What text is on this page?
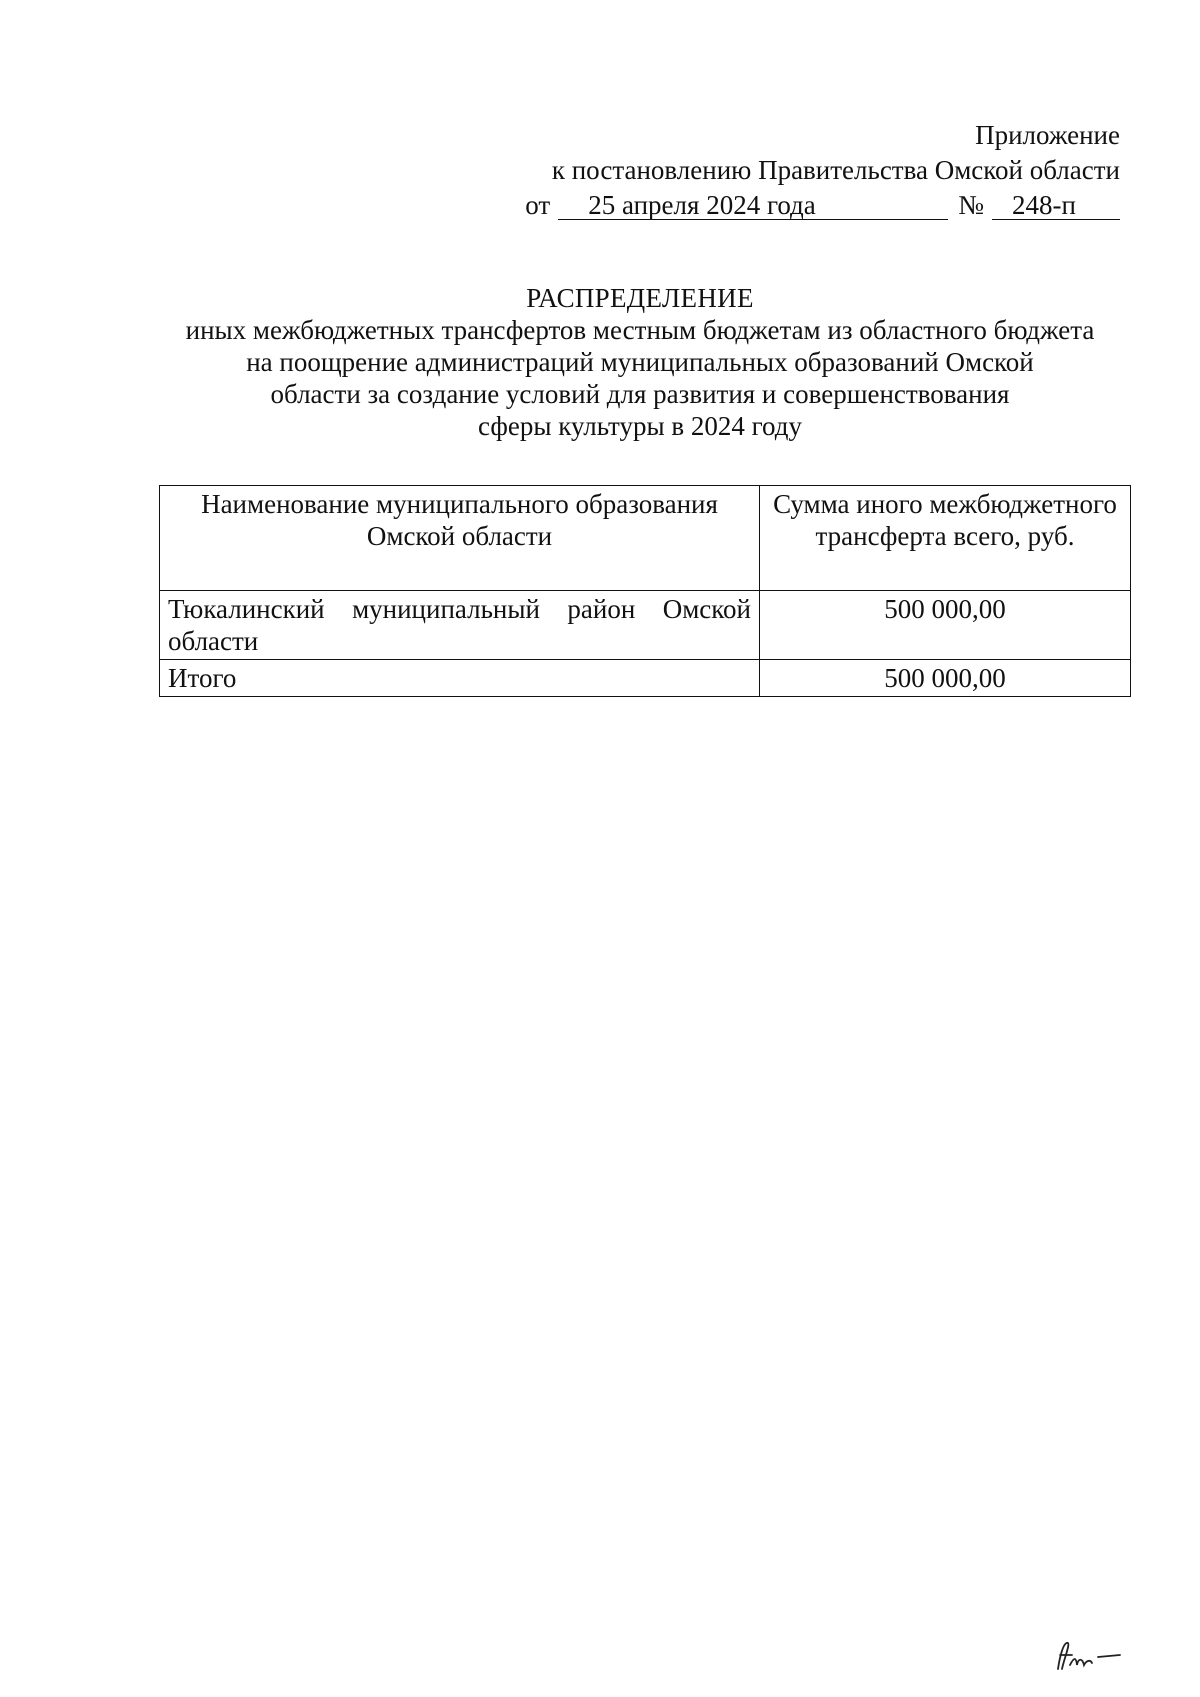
Приложение
к постановлению Правительства Омской области
от	25 апреля 2024 года	№	248-п
РАСПРЕДЕЛЕНИЕ
иных межбюджетных трансфертов местным бюджетам из областного бюджета
на поощрение администраций муниципальных образований Омской
области за создание условий для развития и совершенствования
сферы культуры в 2024 году
Наименование муниципального образования Омской области	Сумма иного межбюджетного трансферта всего, руб.
Тюкалинский муниципальный район Омской области	500 000,00
Итого	500 000,00
